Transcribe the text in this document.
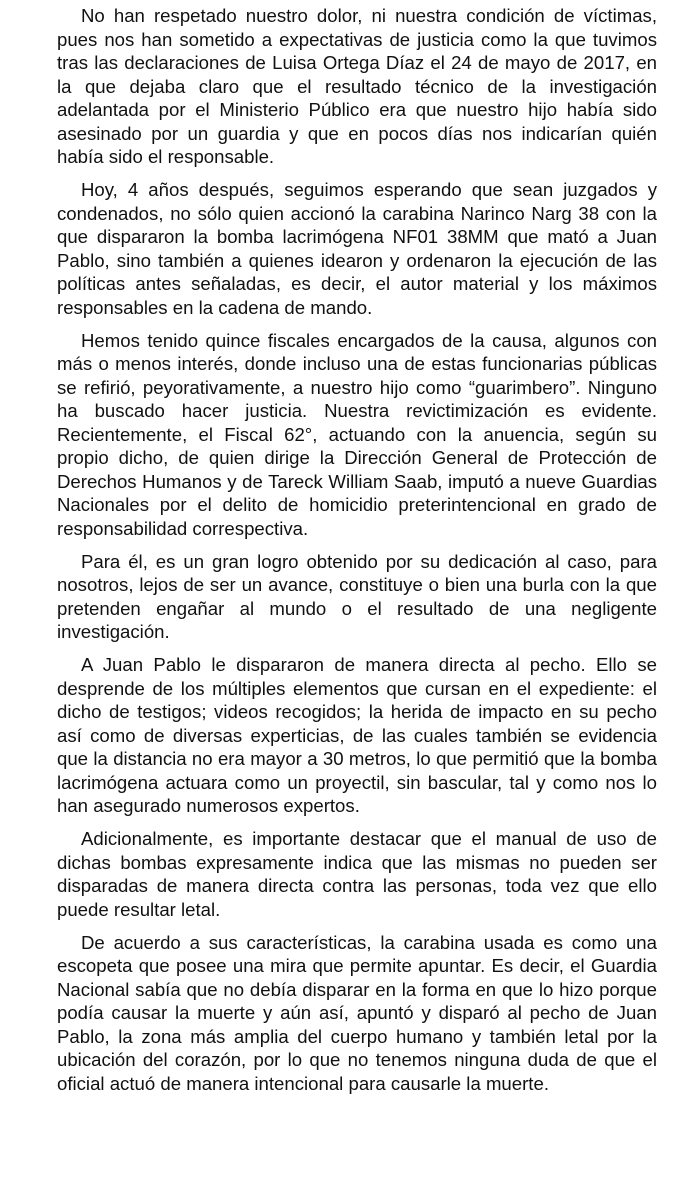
No han respetado nuestro dolor, ni nuestra condición de víctimas, pues nos han sometido a expectativas de justicia como la que tuvimos tras las declaraciones de Luisa Ortega Díaz el 24 de mayo de 2017, en la que dejaba claro que el resultado técnico de la investigación adelantada por el Ministerio Público era que nuestro hijo había sido asesinado por un guardia y que en pocos días nos indicarían quién había sido el responsable.

Hoy, 4 años después, seguimos esperando que sean juzgados y condenados, no sólo quien accionó la carabina Narinco Narg 38 con la que dispararon la bomba lacrimógena NF01 38MM que mató a Juan Pablo, sino también a quienes idearon y ordenaron la ejecución de las políticas antes señaladas, es decir, el autor material y los máximos responsables en la cadena de mando.

Hemos tenido quince fiscales encargados de la causa, algunos con más o menos interés, donde incluso una de estas funcionarias públicas se refirió, peyorativamente, a nuestro hijo como “guarimbero”. Ninguno ha buscado hacer justicia. Nuestra revictimización es evidente. Recientemente, el Fiscal 62°, actuando con la anuencia, según su propio dicho, de quien dirige la Dirección General de Protección de Derechos Humanos y de Tareck William Saab, imputó a nueve Guardias Nacionales por el delito de homicidio preterintencional en grado de responsabilidad correspectiva.

Para él, es un gran logro obtenido por su dedicación al caso, para nosotros, lejos de ser un avance, constituye o bien una burla con la que pretenden engañar al mundo o el resultado de una negligente investigación.

A Juan Pablo le dispararon de manera directa al pecho. Ello se desprende de los múltiples elementos que cursan en el expediente: el dicho de testigos; videos recogidos; la herida de impacto en su pecho así como de diversas experticias, de las cuales también se evidencia que la distancia no era mayor a 30 metros, lo que permitió que la bomba lacrimógena actuara como un proyectil, sin bascular, tal y como nos lo han asegurado numerosos expertos.

Adicionalmente, es importante destacar que el manual de uso de dichas bombas expresamente indica que las mismas no pueden ser disparadas de manera directa contra las personas, toda vez que ello puede resultar letal.

De acuerdo a sus características, la carabina usada es como una escopeta que posee una mira que permite apuntar. Es decir, el Guardia Nacional sabía que no debía disparar en la forma en que lo hizo porque podía causar la muerte y aún así, apuntó y disparó al pecho de Juan Pablo, la zona más amplia del cuerpo humano y también letal por la ubicación del corazón, por lo que no tenemos ninguna duda de que el oficial actuó de manera intencional para causarle la muerte.
